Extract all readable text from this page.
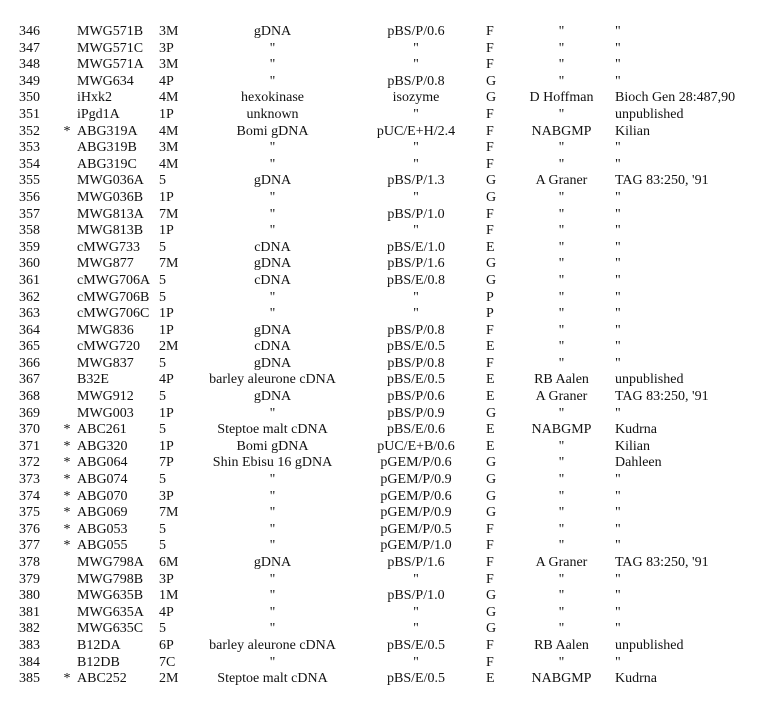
346		MWG571B	3M	gDNA	pBS/P/0.6	F	"	"
347		MWG571C	3P	"	"	F	"	"
348		MWG571A	3M	"	"	F	"	"
349		MWG634	4P	"	pBS/P/0.8	G	"	"
350		iHxk2	4M	hexokinase	isozyme	G	D Hoffman	Bioch Gen 28:487,90
351		iPgd1A	1P	unknown	"	F	"	unpublished
352	*	ABG319A	4M	Bomi gDNA	pUC/E+H/2.4	F	NABGMP	Kilian
353		ABG319B	3M	"	"	F	"	"
354		ABG319C	4M	"	"	F	"	"
355		MWG036A	5	gDNA	pBS/P/1.3	G	A Graner	TAG 83:250, '91
356		MWG036B	1P	"	"	G	"	"
357		MWG813A	7M	"	pBS/P/1.0	F	"	"
358		MWG813B	1P	"	"	F	"	"
359		cMWG733	5	cDNA	pBS/E/1.0	E	"	"
360		MWG877	7M	gDNA	pBS/P/1.6	G	"	"
361		cMWG706A	5	cDNA	pBS/E/0.8	G	"	"
362		cMWG706B	5	"	"	P	"	"
363		cMWG706C	1P	"	"	P	"	"
364		MWG836	1P	gDNA	pBS/P/0.8	F	"	"
365		cMWG720	2M	cDNA	pBS/E/0.5	E	"	"
366		MWG837	5	gDNA	pBS/P/0.8	F	"	"
367		B32E	4P	barley aleurone cDNA	pBS/E/0.5	E	RB Aalen	unpublished
368		MWG912	5	gDNA	pBS/P/0.6	E	A Graner	TAG 83:250, '91
369		MWG003	1P	"	pBS/P/0.9	G	"	"
370	*	ABC261	5	Steptoe malt cDNA	pBS/E/0.6	E	NABGMP	Kudrna
371	*	ABG320	1P	Bomi gDNA	pUC/E+B/0.6	E	"	Kilian
372	*	ABG064	7P	Shin Ebisu 16 gDNA	pGEM/P/0.6	G	"	Dahleen
373	*	ABG074	5	"	pGEM/P/0.9	G	"	"
374	*	ABG070	3P	"	pGEM/P/0.6	G	"	"
375	*	ABG069	7M	"	pGEM/P/0.9	G	"	"
376	*	ABG053	5	"	pGEM/P/0.5	F	"	"
377	*	ABG055	5	"	pGEM/P/1.0	F	"	"
378		MWG798A	6M	gDNA	pBS/P/1.6	F	A Graner	TAG 83:250, '91
379		MWG798B	3P	"	"	F	"	"
380		MWG635B	1M	"	pBS/P/1.0	G	"	"
381		MWG635A	4P	"	"	G	"	"
382		MWG635C	5	"	"	G	"	"
383		B12DA	6P	barley aleurone cDNA	pBS/E/0.5	F	RB Aalen	unpublished
384		B12DB	7C	"	"	F	"	"
385	*	ABC252	2M	Steptoe malt cDNA	pBS/E/0.5	E	NABGMP	Kudrna
